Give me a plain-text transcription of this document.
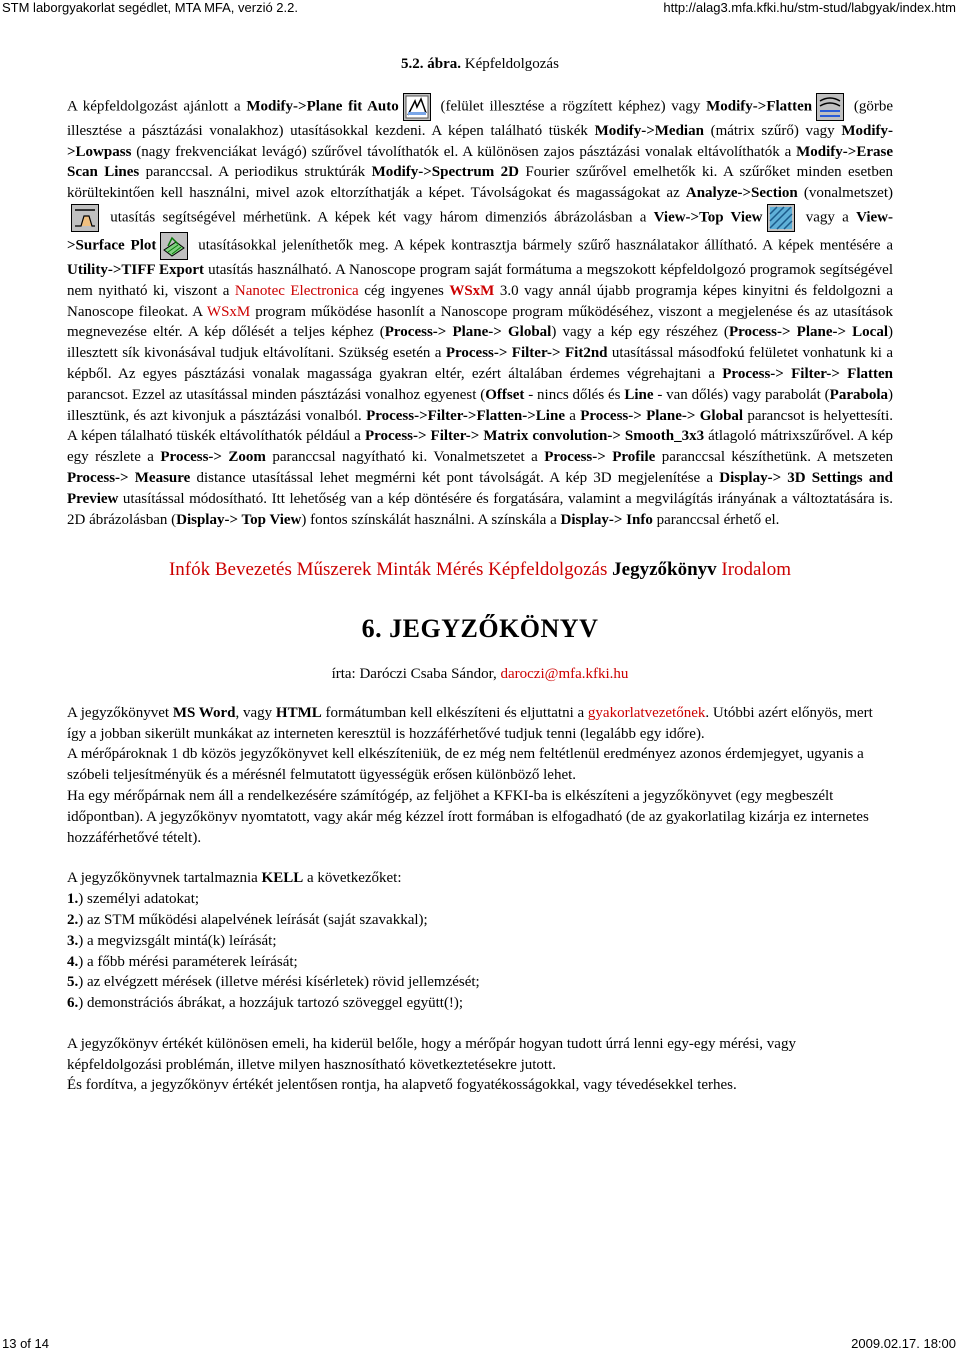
STM laborgyakorlat segédlet, MTA MFA, verzió 2.2.	http://alag3.mfa.kfki.hu/stm-stud/labgyak/index.htm
5.2. ábra. Képfeldolgozás

A képfeldolgozást ajánlott a Modify->Plane fit Auto
(felület illesztése a rögzített képhez) vagy Modify->Flatten
(görbe illesztése a pásztázási vonalakhoz) utasításokkal kezdeni. A képen található tüskék Modify->Median (mátrix szűrő) vagy Modify->Lowpass (nagy frekvenciákat levágó) szűrővel távolíthatók el. A különösen zajos pásztázási vonalak eltávolíthatók a Modify->Erase Scan Lines paranccsal. A periodikus struktúrák Modify->Spectrum 2D Fourier szűrővel emelhetők ki. A szűrőket minden esetben körültekintően kell használni, mivel azok eltorzíthatják a képet. Távolságokat és magasságokat az Analyze->Section (vonalmetszet)
utasítás segítségével mérhetünk. A képek két vagy három dimenziós ábrázolásban a View->Top View
vagy a View->Surface Plot
utasításokkal jeleníthetők meg. A képek kontrasztja bármely szűrő használatakor állítható. A képek mentésére a Utility->TIFF Export utasítás használható. A Nanoscope program saját formátuma a megszokott képfeldolgozó programok segítségével nem nyitható ki, viszont a Nanotec Electronica cég ingyenes WSxM 3.0 vagy annál újabb programja képes kinyitni és feldolgozni a Nanoscope fileokat. A WSxM program működése hasonlít a Nanoscope program működéséhez, viszont a megjelenése és az utasítások megnevezése eltér. A kép dőlését a teljes képhez (Process-> Plane-> Global) vagy a kép egy részéhez (Process-> Plane-> Local) illesztett sík kivonásával tudjuk eltávolítani. Szükség esetén a Process-> Filter-> Fit2nd utasítással másodfokú felületet vonhatunk ki a képből. Az egyes pásztázási vonalak magassága gyakran eltér, ezért általában érdemes végrehajtani a Process-> Filter-> Flatten parancsot. Ezzel az utasítással minden pásztázási vonalhoz egyenest (Offset - nincs dőlés és Line - van dőlés) vagy parabolát (Parabola) illesztünk, és azt kivonjuk a pásztázási vonalból. Process->Filter->Flatten->Line a Process-> Plane-> Global parancsot is helyettesíti. A képen tálalható tüskék eltávolíthatók például a Process-> Filter-> Matrix convolution-> Smooth_3x3 átlagoló mátrixszűrővel. A kép egy részlete a Process-> Zoom paranccsal nagyítható ki. Vonalmetszetet a Process-> Profile paranccsal készíthetünk. A metszeten Process-> Measure distance utasítással lehet megmérni két pont távolságát. A kép 3D megjelenítése a Display-> 3D Settings and Preview utasítással módosítható. Itt lehetőség van a kép döntésére és forgatására, valamint a megvilágítás irányának a változtatására is. 2D ábrázolásban (Display-> Top View) fontos színskálát használni. A színskála a Display-> Info paranccsal érhető el.

Infók Bevezetés Műszerek Minták Mérés Képfeldolgozás Jegyzőkönyv Irodalom
6. JEGYZŐKÖNYV
írta: Daróczi Csaba Sándor, daroczi@mfa.kfki.hu

A jegyzőkönyvet MS Word, vagy HTML formátumban kell elkészíteni és eljuttatni a gyakorlatvezetőnek. Utóbbi azért előnyös, mert így a jobban sikerült munkákat az interneten keresztül is hozzáférhetővé tudjuk tenni (legalább egy időre).

A mérőpároknak 1 db közös jegyzőkönyvet kell elkészíteniük, de ez még nem feltétlenül eredményez azonos érdemjegyet, ugyanis a szóbeli teljesítményük és a mérésnél felmutatott ügyességük erősen különböző lehet.

Ha egy mérőpárnak nem áll a rendelkezésére számítógép, az feljöhet a KFKI-ba is elkészíteni a jegyzőkönyvet (egy megbeszélt időpontban). A jegyzőkönyv nyomtatott, vagy akár még kézzel írott formában is elfogadható (de az gyakorlatilag kizárja ez internetes hozzáférhetővé tételt).

A jegyzőkönyvnek tartalmaznia KELL a következőket:
1.) személyi adatokat;
2.) az STM működési alapelvének leírását (saját szavakkal);
3.) a megvizsgált mintá(k) leírását;
4.) a főbb mérési paraméterek leírását;
5.) az elvégzett mérések (illetve mérési kísérletek) rövid jellemzését;
6.) demonstrációs ábrákat, a hozzájuk tartozó szöveggel együtt(!);

A jegyzőkönyv értékét különösen emeli, ha kiderül belőle, hogy a mérőpár hogyan tudott úrrá lenni egy-egy mérési, vagy képfeldolgozási problémán, illetve milyen hasznosítható következtetésekre jutott.

És fordítva, a jegyzőkönyv értékét jelentősen rontja, ha alapvető fogyatékosságokkal, vagy tévedésekkel terhes.

13 of 14	2009.02.17. 18:00
